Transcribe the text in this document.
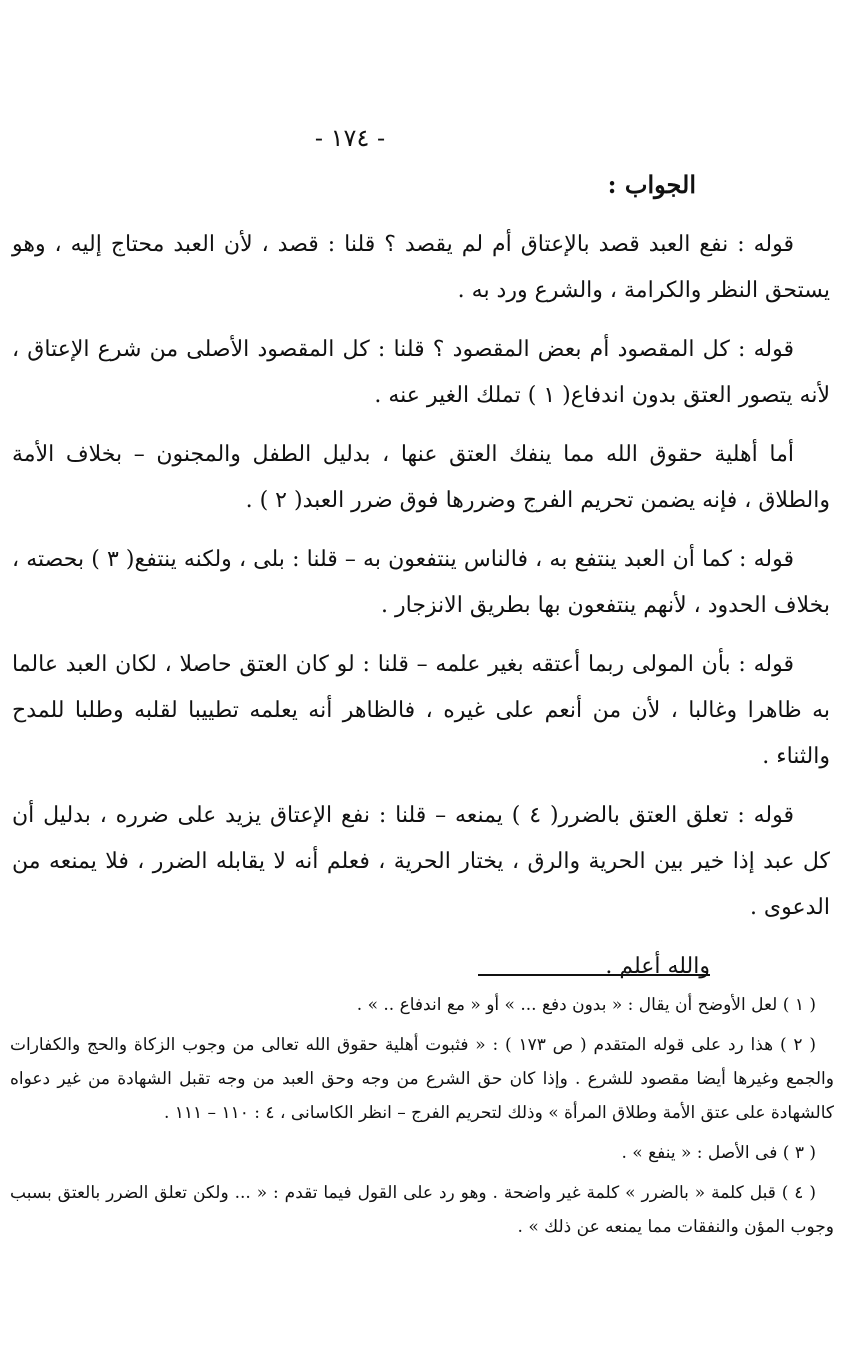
- ١٧٤ -
الجواب :

قوله : نفع العبد قصد بالإعتاق أم لم يقصد ؟ قلنا : قصد ، لأن العبد محتاج إليه ، وهو يستحق النظر والكرامة ، والشرع ورد به .

قوله : كل المقصود أم بعض المقصود ؟ قلنا : كل المقصود الأصلى من شرع الإعتاق ، لأنه يتصور العتق بدون اندفاع( ١ ) تملك الغير عنه .

أما أهلية حقوق الله مما ينفك العتق عنها ، بدليل الطفل والمجنون – بخلاف الأمة والطلاق ، فإنه يضمن تحريم الفرج وضررها فوق ضرر العبد( ٢ ) .

قوله : كما أن العبد ينتفع به ، فالناس ينتفعون به – قلنا : بلى ، ولكنه ينتفع( ٣ ) بحصته ، بخلاف الحدود ، لأنهم ينتفعون بها بطريق الانزجار .

قوله : بأن المولى ربما أعتقه بغير علمه – قلنا : لو كان العتق حاصلا ، لكان العبد عالما به ظاهرا وغالبا ، لأن من أنعم على غيره ، فالظاهر أنه يعلمه تطييبا لقلبه وطلبا للمدح والثناء .

قوله : تعلق العتق بالضرر( ٤ ) يمنعه – قلنا : نفع الإعتاق يزيد على ضرره ، بدليل أن كل عبد إذا خير بين الحرية والرق ، يختار الحرية ، فعلم أنه لا يقابله الضرر ، فلا يمنعه من الدعوى .

والله أعلم .

( ١ ) لعل الأوضح أن يقال : « بدون دفع ... » أو « مع اندفاع .. » .

( ٢ ) هذا رد على قوله المتقدم ( ص ١٧٣ ) : « فثبوت أهلية حقوق الله تعالى من وجوب الزكاة والحج والكفارات والجمع وغيرها أيضا مقصود للشرع . وإذا كان حق الشرع من وجه وحق العبد من وجه تقبل الشهادة من غير دعواه كالشهادة على عتق الأمة وطلاق المرأة » وذلك لتحريم الفرج – انظر الكاسانى ، ٤ : ١١٠ – ١١١ .

( ٣ ) فى الأصل : « ينفع » .

( ٤ ) قبل كلمة « بالضرر » كلمة غير واضحة . وهو رد على القول فيما تقدم : « ... ولكن تعلق الضرر بالعتق بسبب وجوب المؤن والنفقات مما يمنعه عن ذلك » .
